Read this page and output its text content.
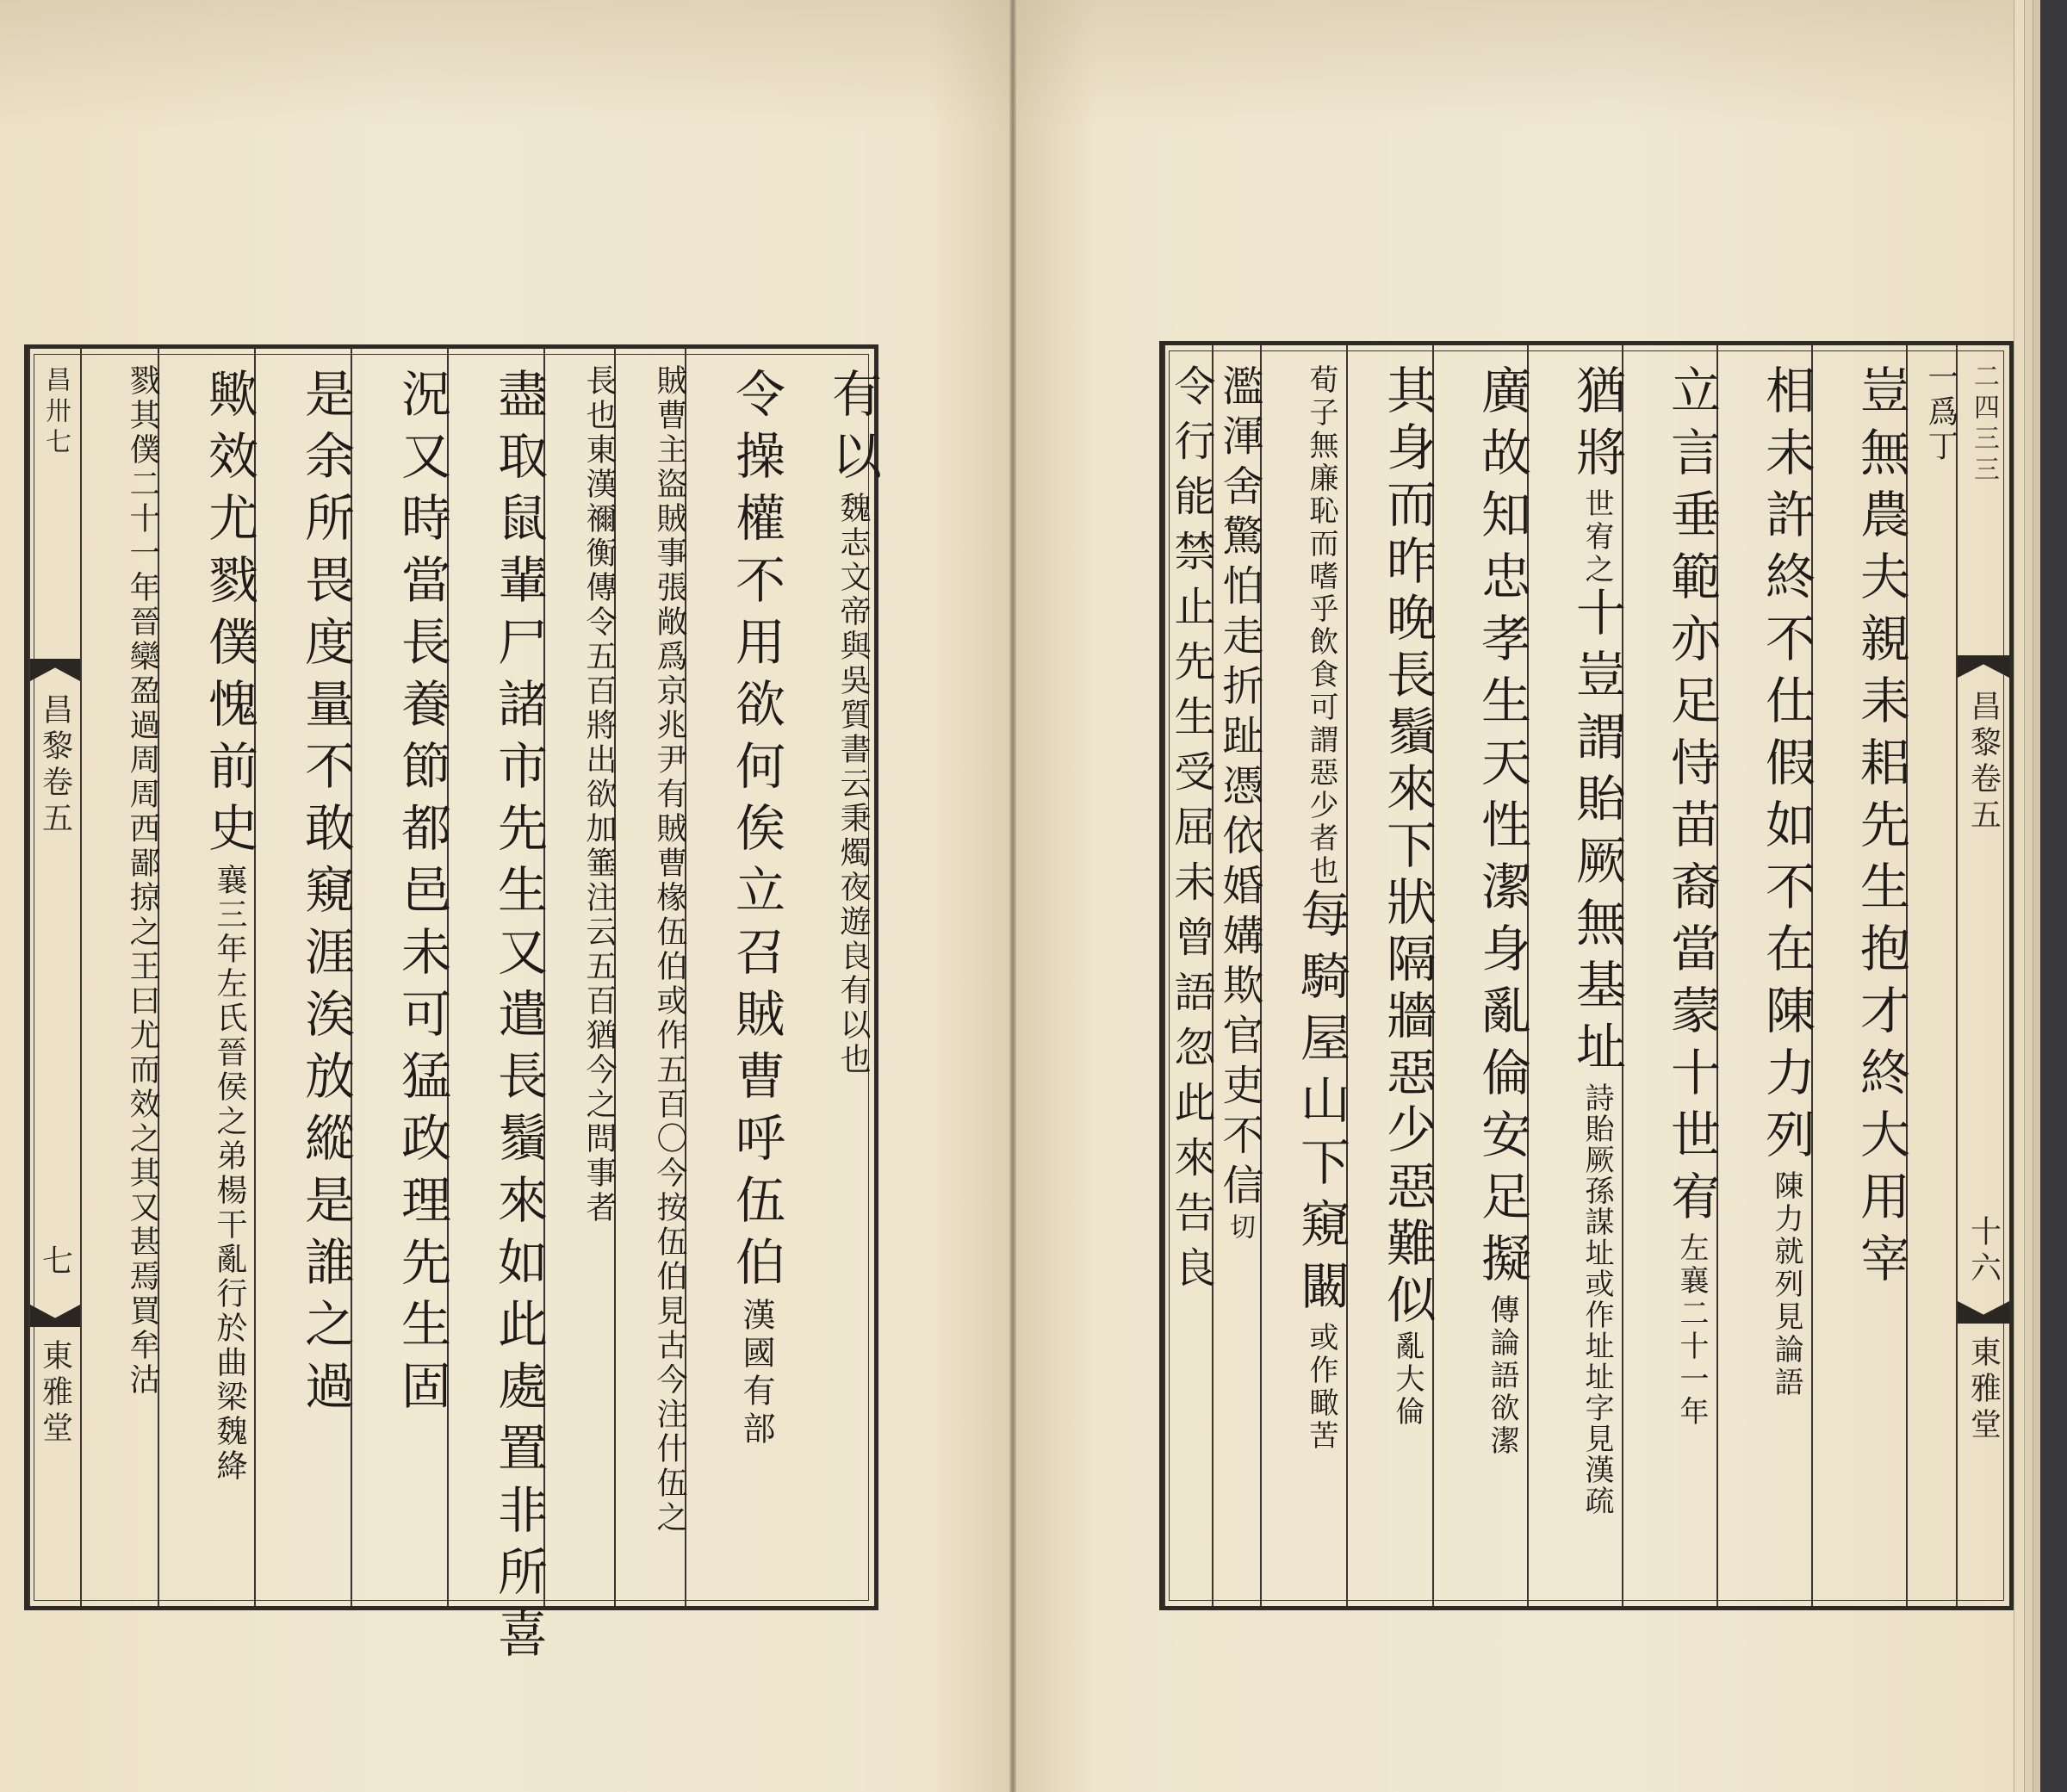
有以魏志文帝與吳質書云秉燭夜遊良有以也
令操權不用欲何俟立召賊曹呼伍伯漢國有部
賊曹主盜賊事張敞爲京兆尹有賊曹椽伍伯或作五百〇今按伍伯見古今注什伍之
長也東漢禰衡傳令五百將出欲加箠注云五百猶今之問事者
盡取鼠輩尸諸市先生又遣長鬚來如此處置非所喜
況又時當長養節都邑未可猛政理先生固
是余所畏度量不敢窺涯涘放縱是誰之過
歟效尤戮僕愧前史襄三年左氏晉侯之弟楊干亂行於曲梁魏絳
戮其僕二十一年晉欒盈過周周西鄙掠之王曰尤而效之其又甚焉買牟沽
昌卅七
昌黎卷五
七
東雅堂
二四三三
昌黎卷五
十六
東雅堂
一爲丁
豈無農夫親耒耜先生抱才終大用宰
相未許終不仕假如不在陳力列陳力就列見論語
立言垂範亦足恃苗裔當蒙十世宥左襄二十一年
猶將世宥之十豈謂貽厥無基址詩貽厥孫謀址或作址址字見漢疏
廣故知忠孝生天性潔身亂倫安足擬傳論語欲潔
其身而昨晚長鬚來下狀隔牆惡少惡難似亂大倫
荀子無廉恥而嗜乎飲食可謂惡少者也每騎屋山下窺闞或作瞰苦
濫渾舍驚怕走折趾憑依婚媾欺官吏不信切
令行能禁止先生受屈未曾語忽此來告良
